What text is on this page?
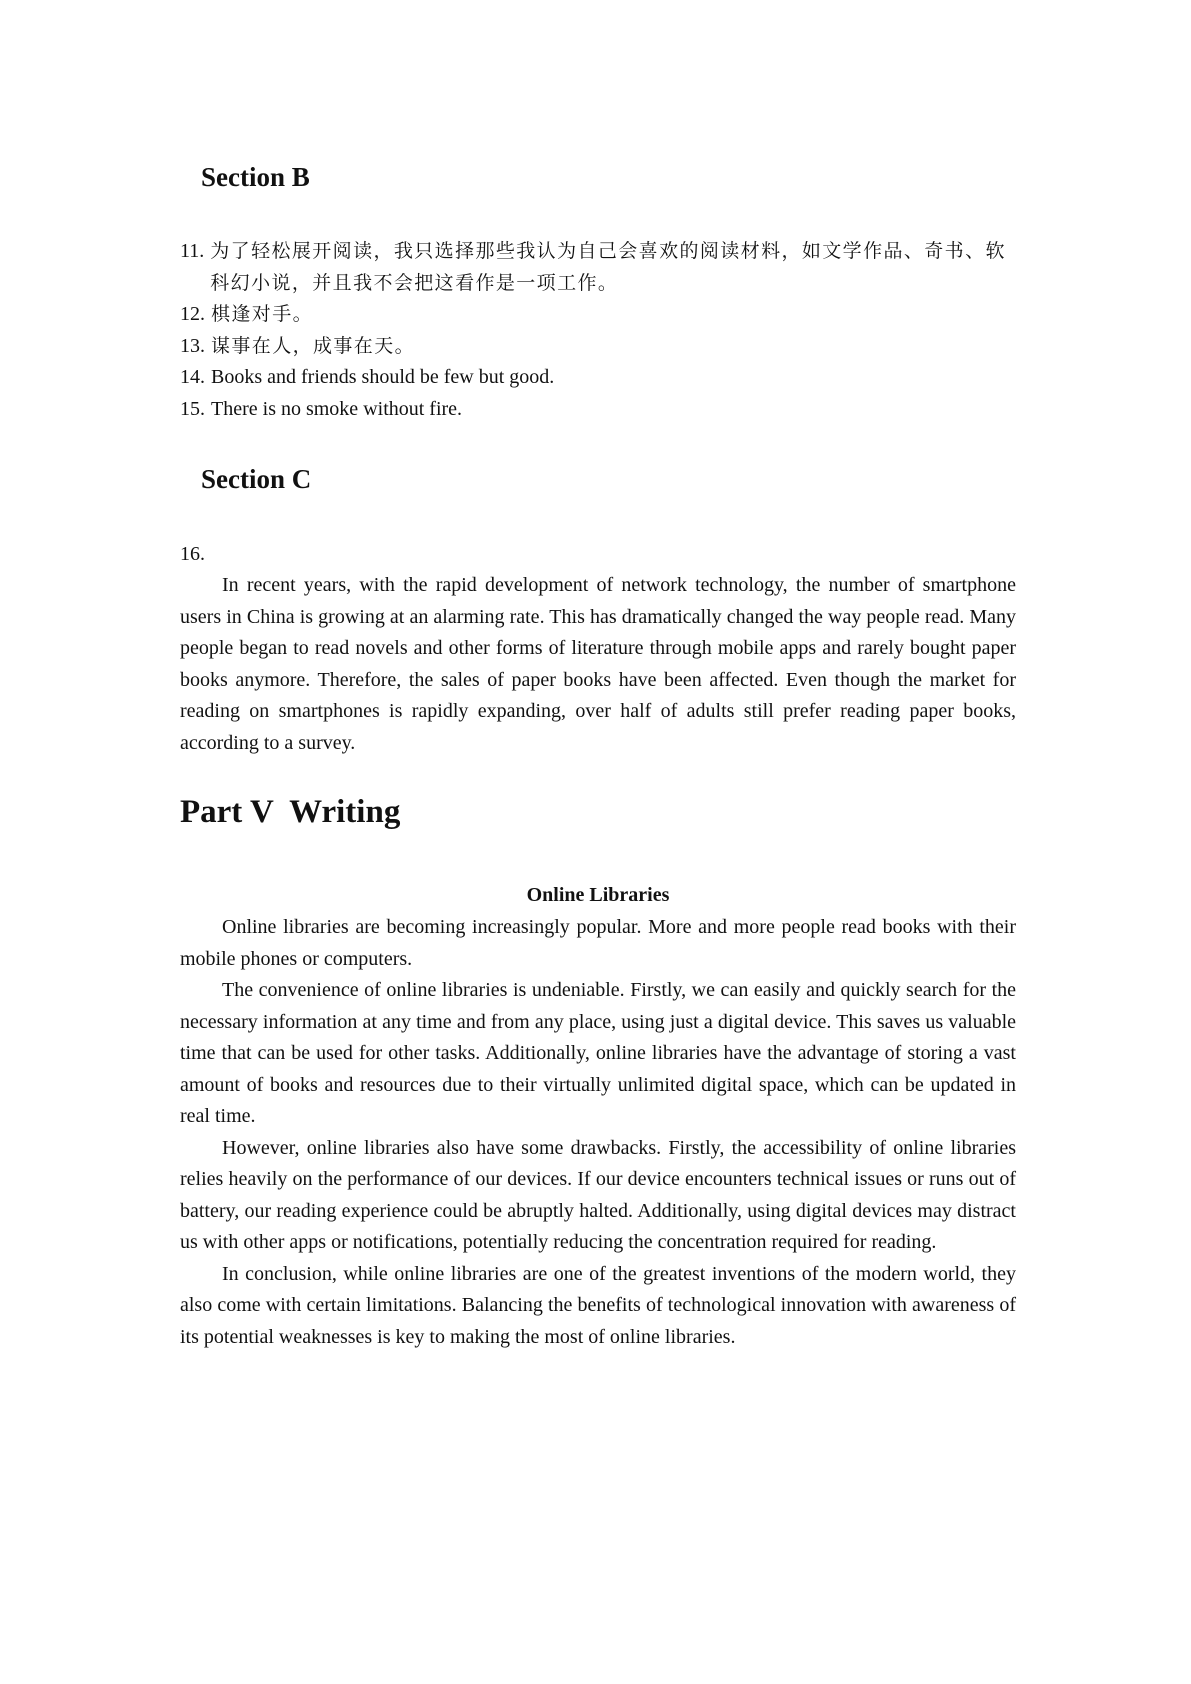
Section B
11. 为了轻松展开阅读，我只选择那些我认为自己会喜欢的阅读材料，如文学作品、奇书、软科幻小说，并且我不会把这看作是一项工作。
12. 棋逢对手。
13. 谋事在人，成事在天。
14. Books and friends should be few but good.
15. There is no smoke without fire.
Section C

16.

In recent years, with the rapid development of network technology, the number of smartphone users in China is growing at an alarming rate. This has dramatically changed the way people read. Many people began to read novels and other forms of literature through mobile apps and rarely bought paper books anymore. Therefore, the sales of paper books have been affected. Even though the market for reading on smartphones is rapidly expanding, over half of adults still prefer reading paper books, according to a survey.

Part V  Writing

Online Libraries

Online libraries are becoming increasingly popular. More and more people read books with their mobile phones or computers.

The convenience of online libraries is undeniable. Firstly, we can easily and quickly search for the necessary information at any time and from any place, using just a digital device. This saves us valuable time that can be used for other tasks. Additionally, online libraries have the advantage of storing a vast amount of books and resources due to their virtually unlimited digital space, which can be updated in real time.

However, online libraries also have some drawbacks. Firstly, the accessibility of online libraries relies heavily on the performance of our devices. If our device encounters technical issues or runs out of battery, our reading experience could be abruptly halted. Additionally, using digital devices may distract us with other apps or notifications, potentially reducing the concentration required for reading.

In conclusion, while online libraries are one of the greatest inventions of the modern world, they also come with certain limitations. Balancing the benefits of technological innovation with awareness of its potential weaknesses is key to making the most of online libraries.
